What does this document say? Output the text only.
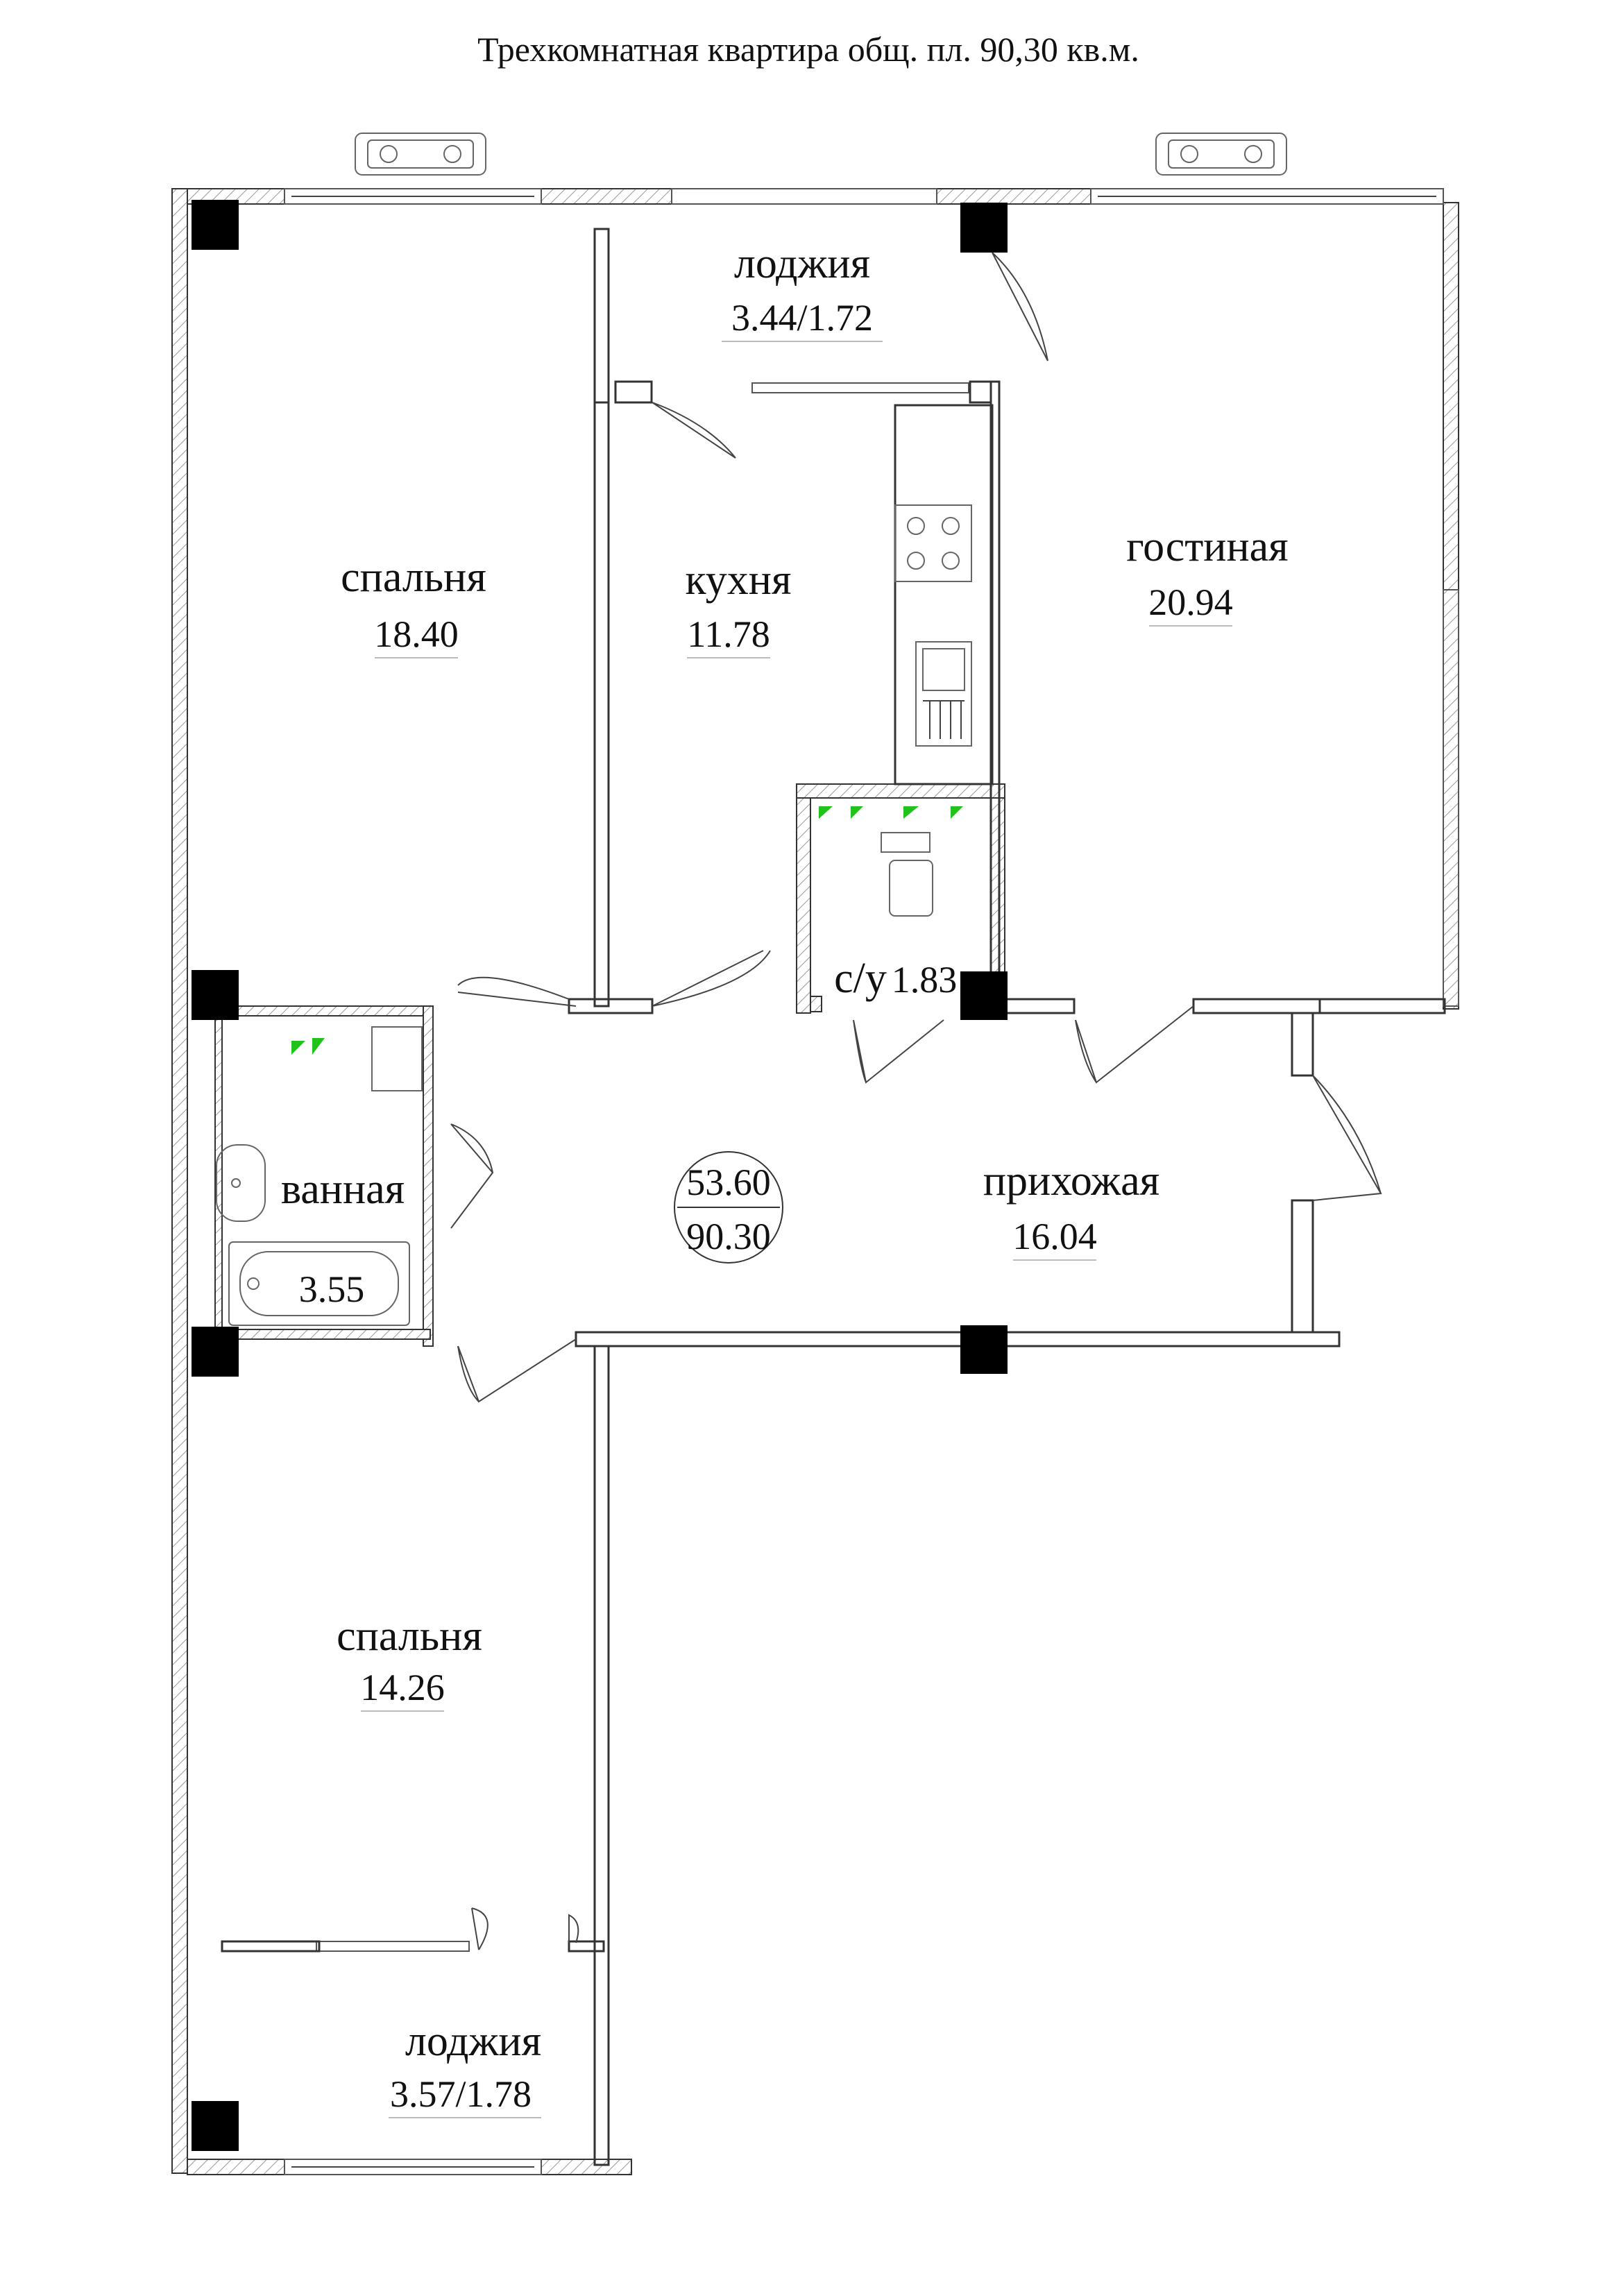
Трехкомнатная квартира общ. пл. 90,30 кв.м.
53.60
90.30
лоджия
3.44/1.72
спальня
18.40
кухня
11.78
гостиная
20.94
с/у 1.83
ванная
3.55
прихожая
16.04
спальня
14.26
лоджия
3.57/1.78
